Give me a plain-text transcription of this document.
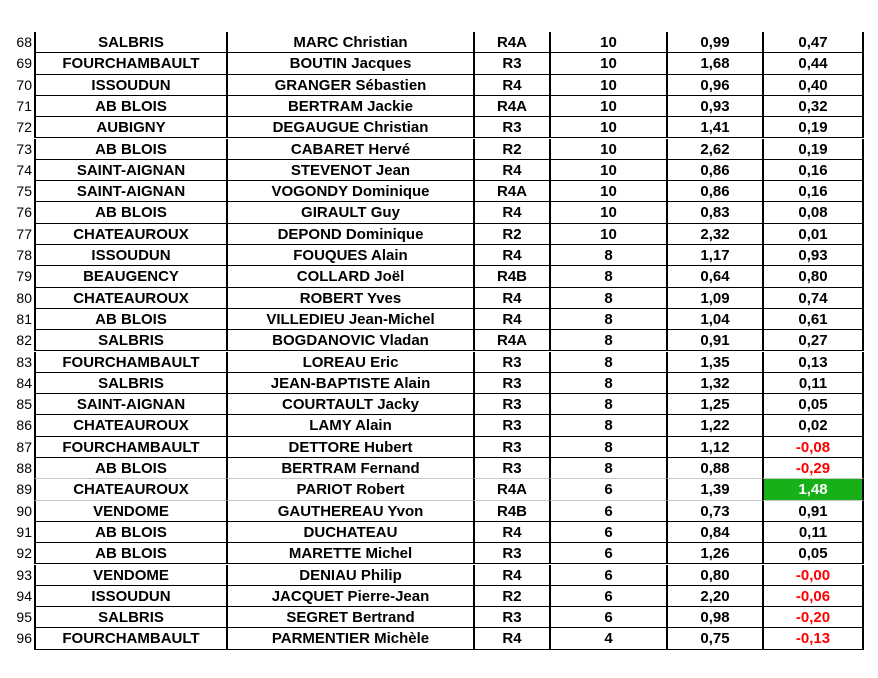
68	SALBRIS	MARC Christian	R4A	10	0,99	0,47
69	FOURCHAMBAULT	BOUTIN Jacques	R3	10	1,68	0,44
70	ISSOUDUN	GRANGER Sébastien	R4	10	0,96	0,40
71	AB BLOIS	BERTRAM Jackie	R4A	10	0,93	0,32
72	AUBIGNY	DEGAUGUE Christian	R3	10	1,41	0,19
73	AB BLOIS	CABARET Hervé	R2	10	2,62	0,19
74	SAINT-AIGNAN	STEVENOT Jean	R4	10	0,86	0,16
75	SAINT-AIGNAN	VOGONDY Dominique	R4A	10	0,86	0,16
76	AB BLOIS	GIRAULT Guy	R4	10	0,83	0,08
77	CHATEAUROUX	DEPOND Dominique	R2	10	2,32	0,01
78	ISSOUDUN	FOUQUES Alain	R4	8	1,17	0,93
79	BEAUGENCY	COLLARD Joël	R4B	8	0,64	0,80
80	CHATEAUROUX	ROBERT Yves	R4	8	1,09	0,74
81	AB BLOIS	VILLEDIEU Jean-Michel	R4	8	1,04	0,61
82	SALBRIS	BOGDANOVIC Vladan	R4A	8	0,91	0,27
83	FOURCHAMBAULT	LOREAU Eric	R3	8	1,35	0,13
84	SALBRIS	JEAN-BAPTISTE Alain	R3	8	1,32	0,11
85	SAINT-AIGNAN	COURTAULT Jacky	R3	8	1,25	0,05
86	CHATEAUROUX	LAMY Alain	R3	8	1,22	0,02
87	FOURCHAMBAULT	DETTORE Hubert	R3	8	1,12	-0,08
88	AB BLOIS	BERTRAM Fernand	R3	8	0,88	-0,29
89	CHATEAUROUX	PARIOT Robert	R4A	6	1,39	1,48
90	VENDOME	GAUTHEREAU Yvon	R4B	6	0,73	0,91
91	AB BLOIS	DUCHATEAU	R4	6	0,84	0,11
92	AB BLOIS	MARETTE Michel	R3	6	1,26	0,05
93	VENDOME	DENIAU Philip	R4	6	0,80	-0,00
94	ISSOUDUN	JACQUET Pierre-Jean	R2	6	2,20	-0,06
95	SALBRIS	SEGRET Bertrand	R3	6	0,98	-0,20
96	FOURCHAMBAULT	PARMENTIER Michèle	R4	4	0,75	-0,13
